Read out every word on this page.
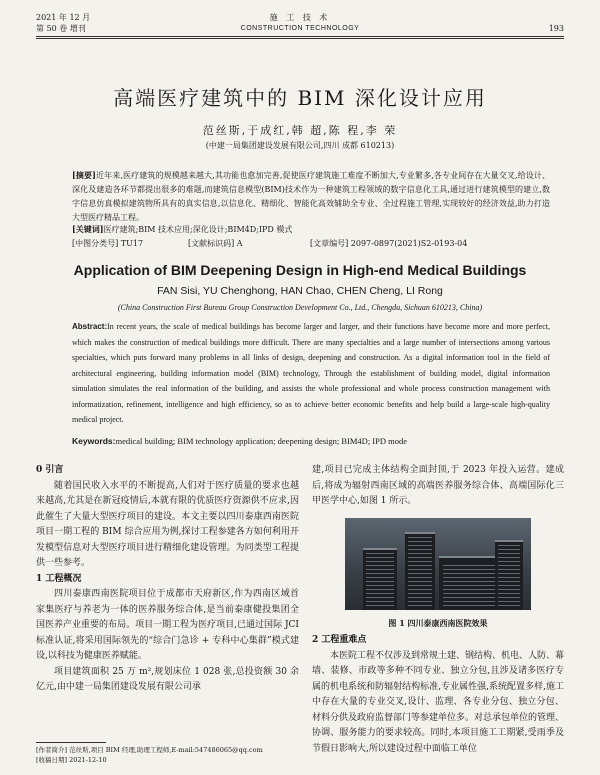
2021 年 12 月	施 工 技 术
第 50 卷 增刊	CONSTRUCTION TECHNOLOGY	193
高端医疗建筑中的 BIM 深化设计应用
范丝斯,于成红,韩 超,陈 程,李 荣
(中建一局集团建设发展有限公司,四川 成都 610213)
[摘要]近年来,医疗建筑的规模越来越大,其功能也愈加完善,促使医疗建筑施工难度不断加大,专业繁多,各专业间存在大量交叉,给设计、深化及建造各环节都提出很多的难题,而建筑信息模型(BIM)技术作为一种建筑工程领域的数字信息化工具,通过进行建筑模型的建立,数字信息仿真模拟建筑物所具有的真实信息,以信息化、精细化、智能化高效辅助全专业、全过程施工管理,实现较好的经济效益,助力打造大型医疗精品工程。
[关键词]医疗建筑;BIM 技术应用;深化设计;BIM4D;IPD 模式
[中图分类号] TU17	[文献标识码] A	[文章编号] 2097-0897(2021)S2-0193-04
Application of BIM Deepening Design in High-end Medical Buildings
FAN Sisi, YU Chenghong, HAN Chao, CHEN Cheng, LI Rong
(China Construction First Bureau Group Construction Development Co., Ltd., Chengdu, Sichuan 610213, China)
Abstract:In recent years, the scale of medical buildings has become larger and larger, and their functions have become more and more perfect, which makes the construction of medical buildings more difficult. There are many specialties and a large number of intersections among various specialties, which puts forward many problems in all links of design, deepening and construction. As a digital information tool in the field of architectural engineering, building information model (BIM) technology, Through the establishment of building model, digital information simulation simulates the real information of the building, and assists the whole professional and whole process construction management with informatization, refinement, intelligence and high efficiency, so as to achieve better economic benefits and help build a large-scale high-quality medical project.
Keywords:medical building; BIM technology application; deepening design; BIM4D; IPD mode
0 引言

随着国民收入水平的不断提高,人们对于医疗质量的要求也越来越高,尤其是在新冠疫情后,本就有限的优质医疗资源供不应求,因此催生了大量大型医疗项目的建设。本文主要以四川泰康西南医院项目一期工程的 BIM 综合应用为例,探讨工程参建各方如何利用开发模型信息对大型医疗项目进行精细化建设管理。为同类型工程提供一些参考。

1 工程概况

四川泰康西南医院项目位于成都市天府新区,作为西南区域首家集医疗与养老为一体的医养服务综合体,是当前泰康健投集团全国医养产业重要的布局。项目一期工程为医疗项目,已通过国际 JCI 标准认证,将采用国际领先的“综合门急诊 + 专科中心集群”模式建设,以科技为健康医养赋能。

项目建筑面积 25 万 m²,规划床位 1 028 张,总投资额 30 余亿元,由中建一局集团建设发展有限公司承

建,项目已完成主体结构全面封顶,于 2023 年投入运营。建成后,将成为辐射西南区域的高端医养服务综合体、高端国际化三甲医学中心,如图 1 所示。

图 1 四川泰康西南医院效果
2 工程重难点

本医院工程不仅涉及到常规土建、钢结构、机电、人防、幕墙、装修、市政等多种不同专业、独立分包,且涉及诸多医疗专属的机电系统和防辐射结构标准,专业属性强,系统配置多样,施工中存在大量的专业交叉,设计、监理、各专业分包、独立分包、材料分供及政府监督部门等参建单位多。对总承包单位的管理、协调、服务能力的要求较高。同时,本项目施工工期紧,受雨季及节假日影响大,所以建设过程中面临工单位

[作者简介] 范丝斯,项目 BIM 经理,助理工程师,E-mail:547486065@qq.com
[收稿日期] 2021-12-10
